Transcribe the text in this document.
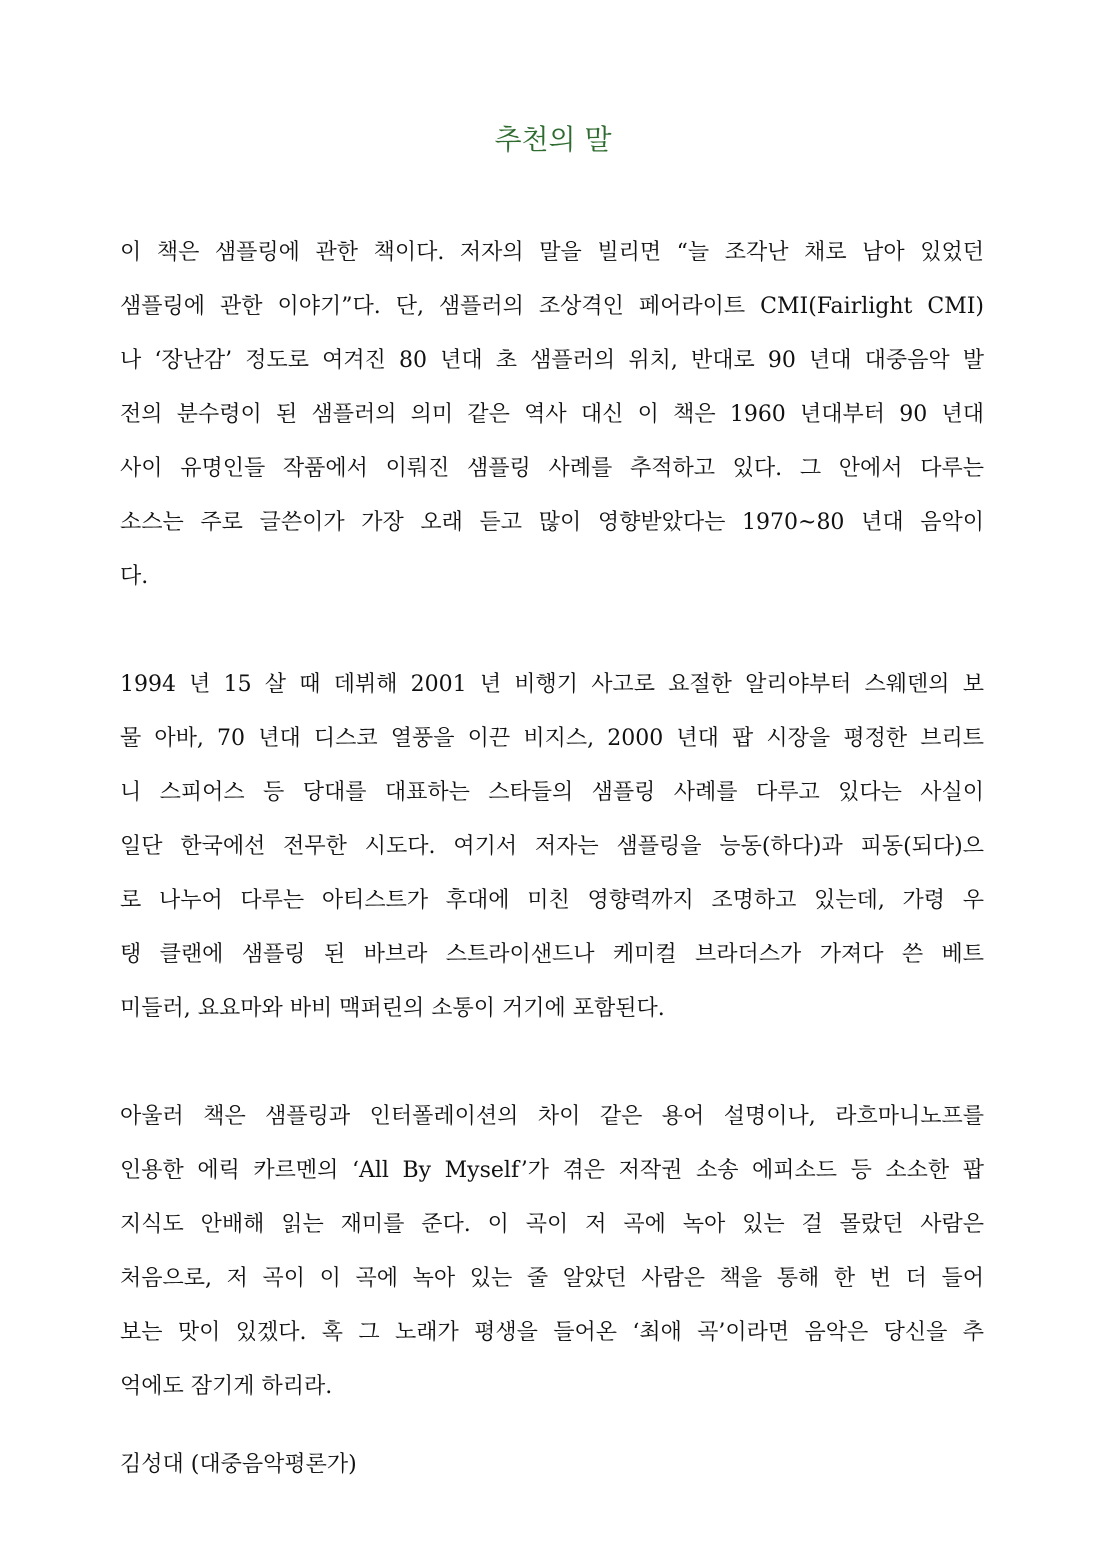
추천의 말

이 책은 샘플링에 관한 책이다. 저자의 말을 빌리면 “늘 조각난 채로 남아 있었던
샘플링에 관한 이야기”다. 단, 샘플러의 조상격인 페어라이트 CMI(Fairlight CMI)
나 ‘장난감’ 정도로 여겨진 80 년대 초 샘플러의 위치, 반대로 90 년대 대중음악 발
전의 분수령이 된 샘플러의 의미 같은 역사 대신 이 책은 1960 년대부터 90 년대
사이 유명인들 작품에서 이뤄진 샘플링 사례를 추적하고 있다. 그 안에서 다루는
소스는 주로 글쓴이가 가장 오래 듣고 많이 영향받았다는 1970~80 년대 음악이
다.

1994 년 15 살 때 데뷔해 2001 년 비행기 사고로 요절한 알리야부터 스웨덴의 보
물 아바, 70 년대 디스코 열풍을 이끈 비지스, 2000 년대 팝 시장을 평정한 브리트
니 스피어스 등 당대를 대표하는 스타들의 샘플링 사례를 다루고 있다는 사실이
일단 한국에선 전무한 시도다. 여기서 저자는 샘플링을 능동(하다)과 피동(되다)으
로 나누어 다루는 아티스트가 후대에 미친 영향력까지 조명하고 있는데, 가령 우
탱 클랜에 샘플링 된 바브라 스트라이샌드나 케미컬 브라더스가 가져다 쓴 베트
미들러, 요요마와 바비 맥퍼린의 소통이 거기에 포함된다.

아울러 책은 샘플링과 인터폴레이션의 차이 같은 용어 설명이나, 라흐마니노프를
인용한 에릭 카르멘의 ‘All By Myself’가 겪은 저작권 소송 에피소드 등 소소한 팝
지식도 안배해 읽는 재미를 준다. 이 곡이 저 곡에 녹아 있는 걸 몰랐던 사람은
처음으로, 저 곡이 이 곡에 녹아 있는 줄 알았던 사람은 책을 통해 한 번 더 들어
보는 맛이 있겠다. 혹 그 노래가 평생을 들어온 ‘최애 곡’이라면 음악은 당신을 추
억에도 잠기게 하리라.

김성대 (대중음악평론가)
